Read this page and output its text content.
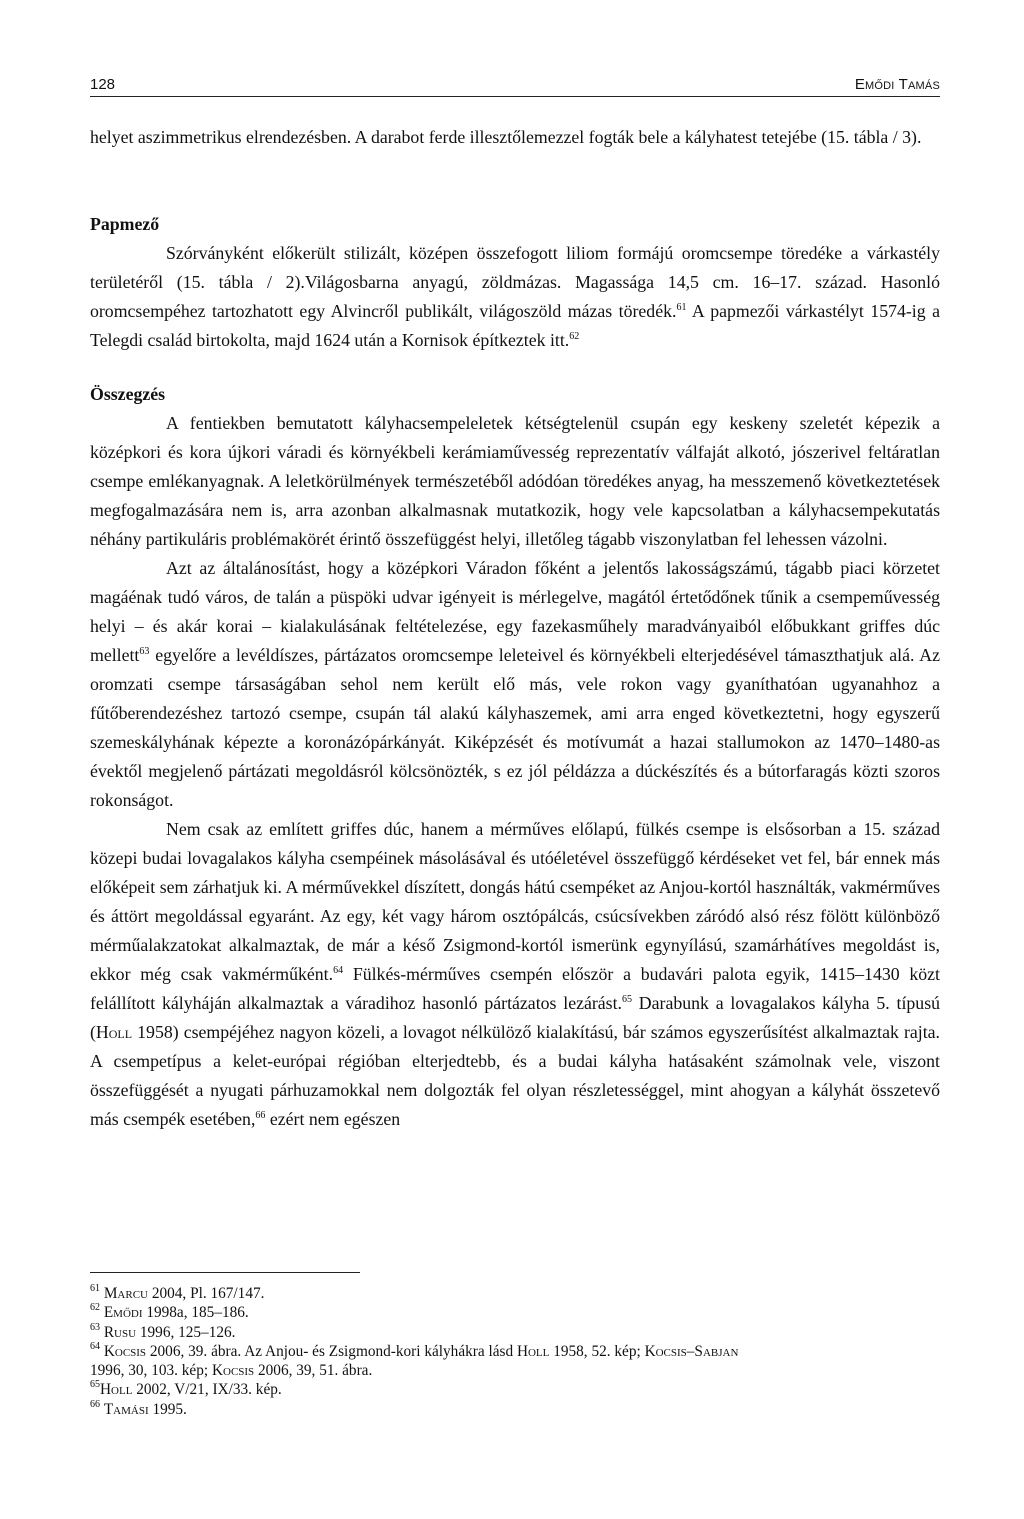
128	Emődi Tamás

helyet aszimmetrikus elrendezésben. A darabot ferde illesztőlemezzel fogták bele a kályhatest tetejébe (15. tábla / 3).

Papmező

Szórványként előkerült stilizált, középen összefogott liliom formájú oromcsempe töredéke a várkastély területéről (15. tábla / 2).Világosbarna anyagú, zöldmázas. Magassága 14,5 cm. 16–17. század. Hasonló oromcsempéhez tartozhatott egy Alvincről publikált, világoszöld mázas töredék.$^{61}$ A papmezői várkastélyt 1574-ig a Telegdi család birtokolta, majd 1624 után a Kornisok építkeztek itt.$^{62}$

Összegzés

A fentiekben bemutatott kályhacsempeleletek kétségtelenül csupán egy keskeny szeletét képezik a középkori és kora újkori váradi és környékbeli kerámiaművesség reprezentatív válfaját alkotó, jószerivel feltáratlan csempe emlékanyagnak. A leletkörülmények természetéből adódóan töredékes anyag, ha messzemenő következtetések megfogalmazására nem is, arra azonban alkalmasnak mutatkozik, hogy vele kapcsolatban a kályhacsempekutatás néhány partikuláris problémakörét érintő összefüggést helyi, illetőleg tágabb viszonylatban fel lehessen vázolni.

Azt az általánosítást, hogy a középkori Váradon főként a jelentős lakosságszámú, tágabb piaci körzetet magáénak tudó város, de talán a püspöki udvar igényeit is mérlegelve, magától értetődőnek tűnik a csempeművesség helyi – és akár korai – kialakulásának feltételezése, egy fazekasműhely maradványaiból előbukkant griffes dúc mellett$^{63}$ egyelőre a levéldíszes, pártázatos oromcsempe leleteivel és környékbeli elterjedésével támaszthatjuk alá. Az oromzati csempe társaságában sehol nem került elő más, vele rokon vagy gyaníthatóan ugyanahhoz a fűtőberendezéshez tartozó csempe, csupán tál alakú kályhaszemek, ami arra enged következtetni, hogy egyszerű szemeskályhának képezte a koronázópárkányát. Kiképzését és motívumát a hazai stallumokon az 1470–1480-as évektől megjelenő pártázati megoldásról kölcsönözték, s ez jól példázza a dúckészítés és a bútorfaragás közti szoros rokonságot.

Nem csak az említett griffes dúc, hanem a mérműves előlapú, fülkés csempe is elsősorban a 15. század közepi budai lovagalakos kályha csempéinek másolásával és utóéletével összefüggő kérdéseket vet fel, bár ennek más előképeit sem zárhatjuk ki. A mérművekkel díszített, dongás hátú csempéket az Anjou-kortól használták, vakmérműves és áttört megoldással egyaránt. Az egy, két vagy három osztópálcás, csúcsívekben záródó alsó rész fölött különböző mérműalakzatokat alkalmaztak, de már a késő Zsigmond-kortól ismerünk egynyílású, szamárhátíves megoldást is, ekkor még csak vakmérműként.$^{64}$ Fülkés-mérműves csempén először a budavári palota egyik, 1415–1430 közt felállított kályháján alkalmaztak a váradihoz hasonló pártázatos lezárást.$^{65}$ Darabunk a lovagalakos kályha 5. típusú (Holl 1958) csempéjéhez nagyon közeli, a lovagot nélkülöző kialakítású, bár számos egyszerűsítést alkalmaztak rajta. A csempetípus a kelet-európai régióban elterjedtebb, és a budai kályha hatásaként számolnak vele, viszont összefüggését a nyugati párhuzamokkal nem dolgozták fel olyan részletességgel, mint ahogyan a kályhát összetevő más csempék esetében,$^{66}$ ezért nem egészen

$^{61}$ Marcu 2004, Pl. 167/147.

$^{62}$ Emődi 1998a, 185–186.

$^{63}$ Rusu 1996, 125–126.

$^{64}$ Kocsis 2006, 39. ábra. Az Anjou- és Zsigmond-kori kályhákra lásd Holl 1958, 52. kép; Kocsis–Sabjan

1996, 30, 103. kép; Kocsis 2006, 39, 51. ábra.

$^{65}$Holl 2002, V/21, IX/33. kép.

$^{66}$ Tamási 1995.
